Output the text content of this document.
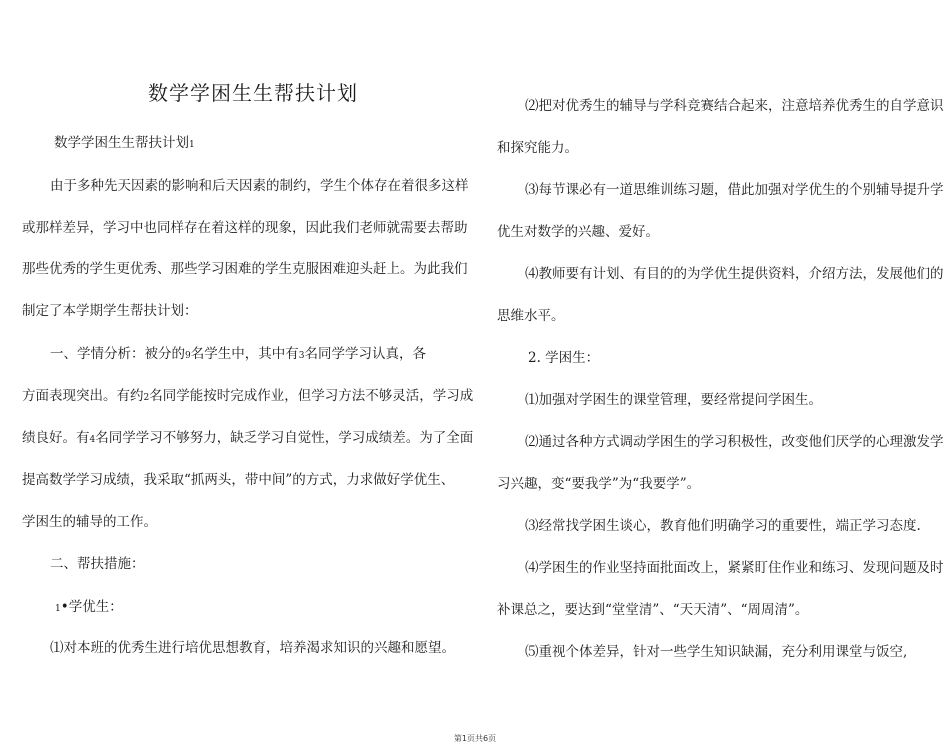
数学学困生生帮扶计划
数学学困生生帮扶计划1
由于多种先天因素的影响和后天因素的制约，学生个体存在着很多这样
或那样差异，学习中也同样存在着这样的现象，因此我们老师就需要去帮助
那些优秀的学生更优秀、那些学习困难的学生克服困难迎头赶上。为此我们
制定了本学期学生帮扶计划：
一、学情分析：被分的9名学生中，其中有3名同学学习认真，各
方面表现突出。有约2名同学能按时完成作业，但学习方法不够灵活，学习成
绩良好。有4名同学学习不够努力，缺乏学习自觉性，学习成绩差。为了全面
提高数学学习成绩，我采取“抓两头，带中间”的方式，力求做好学优生、
学困生的辅导的工作。
二、帮扶措施：
1•学优生：
⑴对本班的优秀生进行培优思想教育，培养渴求知识的兴趣和愿望。
⑵把对优秀生的辅导与学科竞赛结合起来，注意培养优秀生的自学意识
和探究能力。
⑶每节课必有一道思维训练习题，借此加强对学优生的个别辅导提升学
优生对数学的兴趣、爱好。
⑷教师要有计划、有目的的为学优生提供资料，介绍方法，发展他们的
思维水平。
2. 学困生：
⑴加强对学困生的课堂管理，要经常提问学困生。
⑵通过各种方式调动学困生的学习积极性，改变他们厌学的心理激发学
习兴趣，变“要我学”为“我要学”。
⑶经常找学困生谈心，教育他们明确学习的重要性，端正学习态度.
⑷学困生的作业坚持面批面改上，紧紧盯住作业和练习、发现问题及时
补课总之，要达到“堂堂清”、“天天清”、“周周清”。
⑸重视个体差异，针对一些学生知识缺漏，充分利用课堂与饭空,
第1页共6页
